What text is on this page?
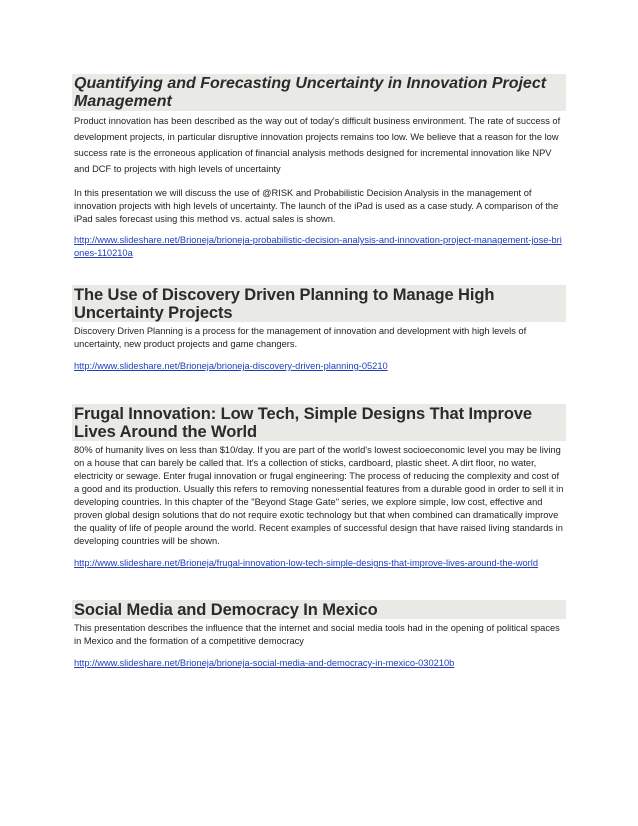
Quantifying and Forecasting Uncertainty in Innovation Project Management

Product innovation has been described as the way out of today's difficult business environment. The rate of success of development projects, in particular disruptive innovation projects remains too low. We believe that a reason for the low success rate is the erroneous application of financial analysis methods designed for incremental innovation like NPV and DCF to projects with high levels of uncertainty

In this presentation we will discuss the use of @RISK and Probabilistic Decision Analysis in the management of innovation projects with high levels of uncertainty. The launch of the iPad is used as a case study. A comparison of the iPad sales forecast using this method vs. actual sales is shown.

http://www.slideshare.net/Brioneja/brioneja-probabilistic-decision-analysis-and-innovation-project-management-jose-briones-110210a
The Use of Discovery Driven Planning to Manage High Uncertainty Projects

Discovery Driven Planning is a process for the management of innovation and development with high levels of uncertainty, new product projects and game changers.

http://www.slideshare.net/Brioneja/brioneja-discovery-driven-planning-05210
Frugal Innovation: Low Tech, Simple Designs That Improve Lives Around the World

80% of humanity lives on less than $10/day. If you are part of the world's lowest socioeconomic level you may be living on a house that can barely be called that. It's a collection of sticks, cardboard, plastic sheet. A dirt floor, no water, electricity or sewage. Enter frugal innovation or frugal engineering: The process of reducing the complexity and cost of a good and its production. Usually this refers to removing nonessential features from a durable good in order to sell it in developing countries. In this chapter of the "Beyond Stage Gate" series, we explore simple, low cost, effective and proven global design solutions that do not require exotic technology but that when combined can dramatically improve the quality of life of people around the world. Recent examples of successful design that have raised living standards in developing countries will be shown.

http://www.slideshare.net/Brioneja/frugal-innovation-low-tech-simple-designs-that-improve-lives-around-the-world
Social Media and Democracy In Mexico

This presentation describes the influence that the internet and social media tools had in the opening of political spaces in Mexico and the formation of a competitive democracy

http://www.slideshare.net/Brioneja/brioneja-social-media-and-democracy-in-mexico-030210b
